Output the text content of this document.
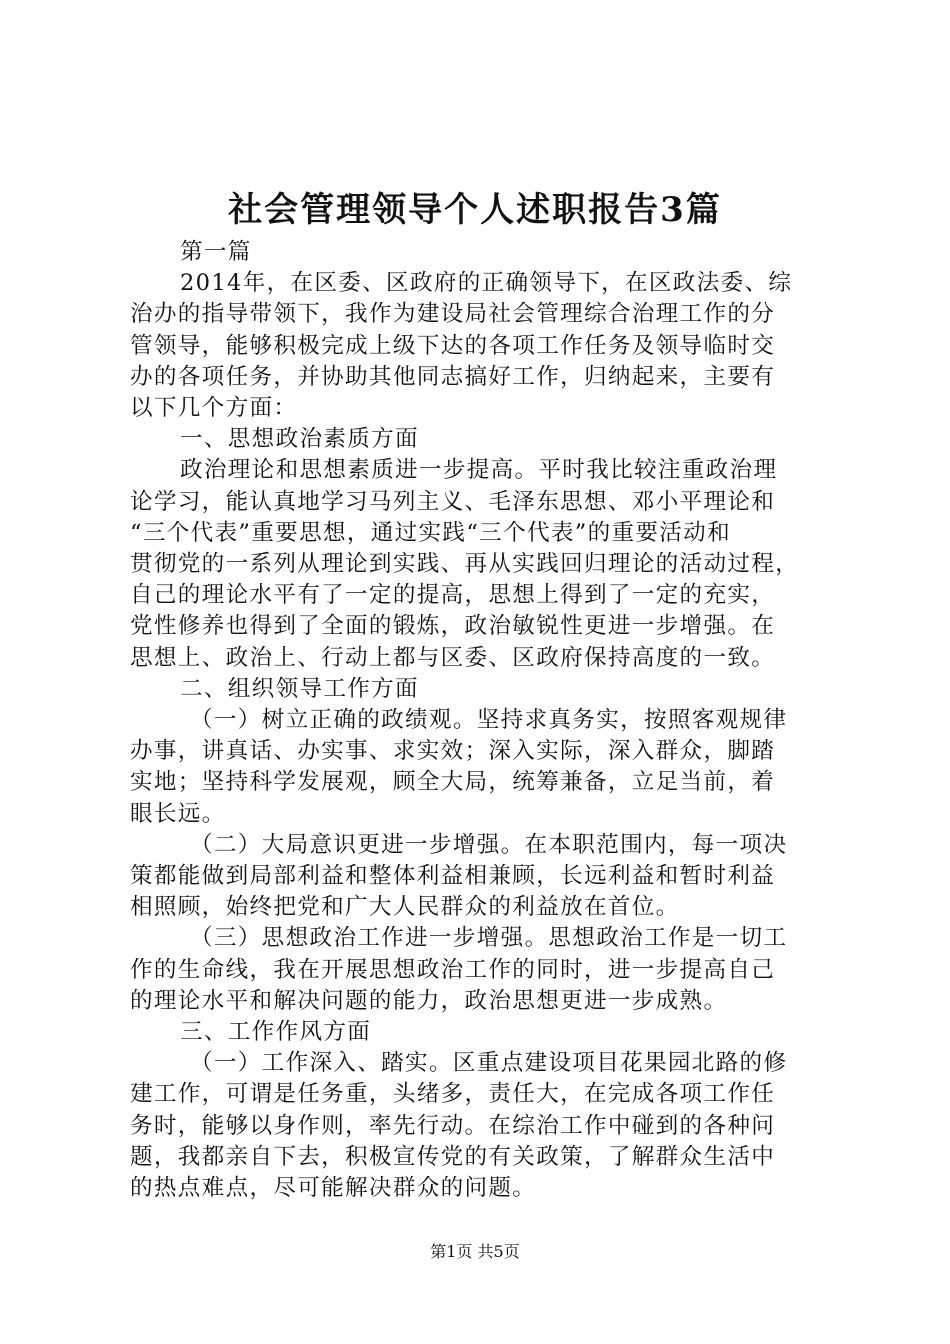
社会管理领导个人述职报告3篇

第一篇

2014年，在区委、区政府的正确领导下，在区政法委、综

治办的指导带领下，我作为建设局社会管理综合治理工作的分

管领导，能够积极完成上级下达的各项工作任务及领导临时交

办的各项任务，并协助其他同志搞好工作，归纳起来，主要有

以下几个方面：

一、思想政治素质方面

政治理论和思想素质进一步提高。平时我比较注重政治理

论学习，能认真地学习马列主义、毛泽东思想、邓小平理论和

“三个代表”重要思想，通过实践“三个代表”的重要活动和

贯彻党的一系列从理论到实践、再从实践回归理论的活动过程，

自己的理论水平有了一定的提高，思想上得到了一定的充实，

党性修养也得到了全面的锻炼，政治敏锐性更进一步增强。在

思想上、政治上、行动上都与区委、区政府保持高度的一致。

二、组织领导工作方面

（一）树立正确的政绩观。坚持求真务实，按照客观规律

办事，讲真话、办实事、求实效；深入实际，深入群众，脚踏

实地；坚持科学发展观，顾全大局，统筹兼备，立足当前，着

眼长远。

（二）大局意识更进一步增强。在本职范围内，每一项决

策都能做到局部利益和整体利益相兼顾，长远利益和暂时利益

相照顾，始终把党和广大人民群众的利益放在首位。

（三）思想政治工作进一步增强。思想政治工作是一切工

作的生命线，我在开展思想政治工作的同时，进一步提高自己

的理论水平和解决问题的能力，政治思想更进一步成熟。

三、工作作风方面

（一）工作深入、踏实。区重点建设项目花果园北路的修

建工作，可谓是任务重，头绪多，责任大，在完成各项工作任

务时，能够以身作则，率先行动。在综治工作中碰到的各种问

题，我都亲自下去，积极宣传党的有关政策，了解群众生活中

的热点难点，尽可能解决群众的问题。

第1页 共5页
